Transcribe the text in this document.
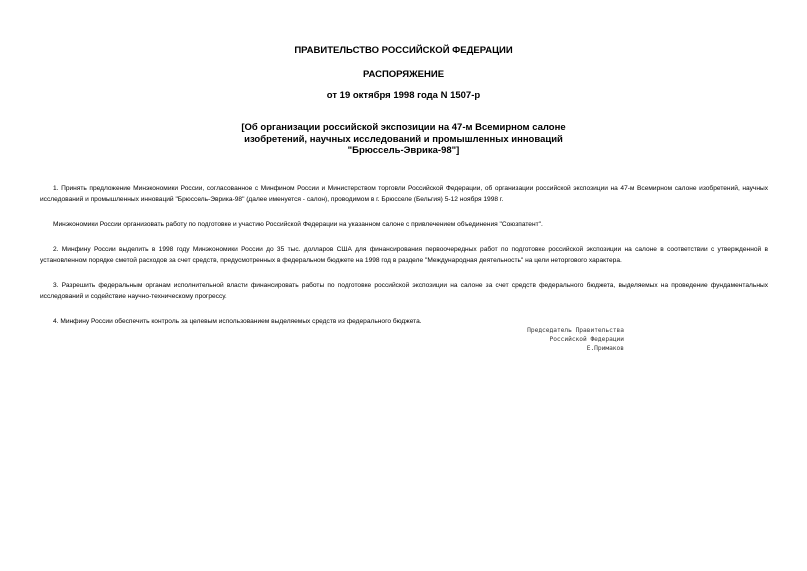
ПРАВИТЕЛЬСТВО РОССИЙСКОЙ ФЕДЕРАЦИИ
РАСПОРЯЖЕНИЕ
от 19 октября 1998 года N 1507-р
[Об организации российской экспозиции на 47-м Всемирном салоне
изобретений, научных исследований и промышленных инноваций
"Брюссель-Эврика-98"]

1. Принять предложение Минэкономики России, согласованное с Минфином России и Министерством торговли Российской Федерации, об организации российской экспозиции на 47-м Всемирном салоне изобретений, научных исследований и промышленных инноваций "Брюссель-Эврика-98" (далее именуется - салон), проводимом в г. Брюсселе (Бельгия) 5-12 ноября 1998 г.

Минэкономики России организовать работу по подготовке и участию Российской Федерации на указанном салоне с привлечением объединения "Союзпатент".

2. Минфину России выделить в 1998 году Минэкономики России до 35 тыс. долларов США для финансирования первоочередных работ по подготовке российской экспозиции на салоне в соответствии с утвержденной в установленном порядке сметой расходов за счет средств, предусмотренных в федеральном бюджете на 1998 год в разделе "Международная деятельность" на цели неторгового характера.

3. Разрешить федеральным органам исполнительной власти финансировать работы по подготовке российской экспозиции на салоне за счет средств федерального бюджета, выделяемых на проведение фундаментальных исследований и содействие научно-техническому прогрессу.

4. Минфину России обеспечить контроль за целевым использованием выделяемых средств из федерального бюджета.

Председатель Правительства
Российской Федерации
Е.Примаков
